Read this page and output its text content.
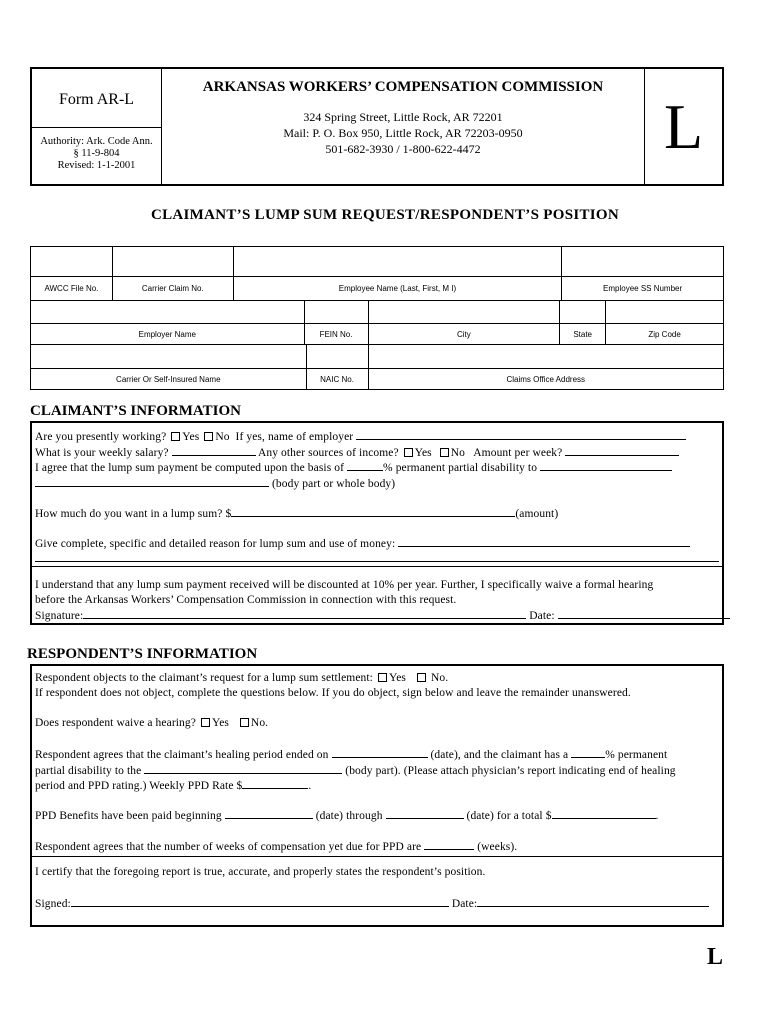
Form AR-L
Authority: Ark. Code Ann.
§ 11-9-804
Revised: 1-1-2001
ARKANSAS WORKERS’ COMPENSATION COMMISSION
324 Spring Street, Little Rock, AR 72201
Mail: P. O. Box 950, Little Rock, AR 72203-0950
501-682-3930 / 1-800-622-4472	L
CLAIMANT’S LUMP SUM REQUEST/RESPONDENT’S POSITION

AWCC File No.	Carrier Claim No.	Employee Name (Last, First, M I)	Employee SS Number

Employer Name	FEIN No.	City	State	Zip Code

Carrier Or Self-Insured Name	NAIC No.	Claims Office Address
CLAIMANT’S INFORMATION
Are you presently working? Yes No If yes, name of employer
What is your weekly salary?	Any other sources of income? Yes No Amount per week?
I agree that the lump sum payment be computed upon the basis of	% permanent partial disability to
(body part or whole body)
How much do you want in a lump sum? $	(amount)
Give complete, specific and detailed reason for lump sum and use of money:
I understand that any lump sum payment received will be discounted at 10% per year. Further, I specifically waive a formal hearing
before the Arkansas Workers’ Compensation Commission in connection with this request.
Signature:	Date:
RESPONDENT’S INFORMATION
Respondent objects to the claimant’s request for a lump sum settlement: Yes No.
If respondent does not object, complete the questions below. If you do object, sign below and leave the remainder unanswered.
Does respondent waive a hearing? Yes No.
Respondent agrees that the claimant’s healing period ended on	(date), and the claimant has a	% permanent
partial disability to the	(body part). (Please attach physician’s report indicating end of healing
period and PPD rating.) Weekly PPD Rate $	.
PPD Benefits have been paid beginning	(date) through	(date) for a total $	.
Respondent agrees that the number of weeks of compensation yet due for PPD are	(weeks).
I certify that the foregoing report is true, accurate, and properly states the respondent’s position.
Signed:	Date:
L
